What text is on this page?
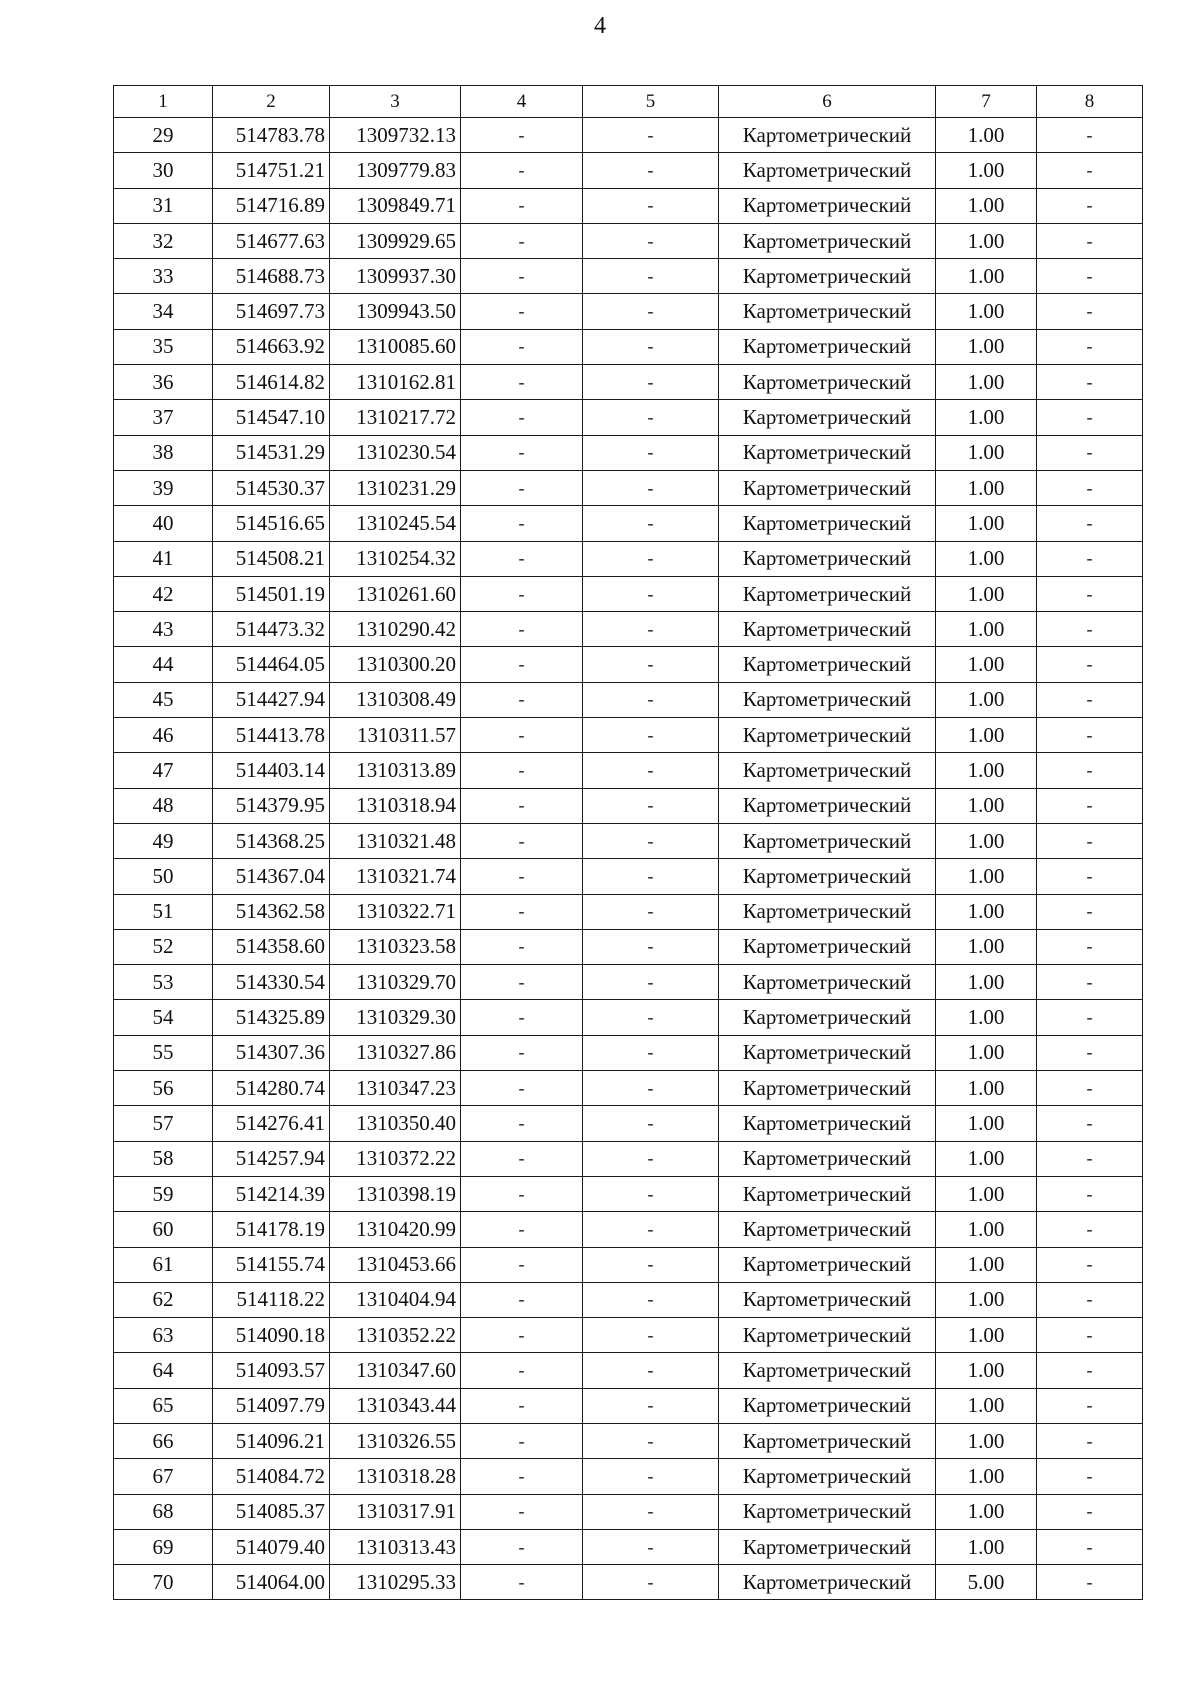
4
1	2	3	4	5	6	7	8
29	514783.78	1309732.13	-	-	Картометрический	1.00	-
30	514751.21	1309779.83	-	-	Картометрический	1.00	-
31	514716.89	1309849.71	-	-	Картометрический	1.00	-
32	514677.63	1309929.65	-	-	Картометрический	1.00	-
33	514688.73	1309937.30	-	-	Картометрический	1.00	-
34	514697.73	1309943.50	-	-	Картометрический	1.00	-
35	514663.92	1310085.60	-	-	Картометрический	1.00	-
36	514614.82	1310162.81	-	-	Картометрический	1.00	-
37	514547.10	1310217.72	-	-	Картометрический	1.00	-
38	514531.29	1310230.54	-	-	Картометрический	1.00	-
39	514530.37	1310231.29	-	-	Картометрический	1.00	-
40	514516.65	1310245.54	-	-	Картометрический	1.00	-
41	514508.21	1310254.32	-	-	Картометрический	1.00	-
42	514501.19	1310261.60	-	-	Картометрический	1.00	-
43	514473.32	1310290.42	-	-	Картометрический	1.00	-
44	514464.05	1310300.20	-	-	Картометрический	1.00	-
45	514427.94	1310308.49	-	-	Картометрический	1.00	-
46	514413.78	1310311.57	-	-	Картометрический	1.00	-
47	514403.14	1310313.89	-	-	Картометрический	1.00	-
48	514379.95	1310318.94	-	-	Картометрический	1.00	-
49	514368.25	1310321.48	-	-	Картометрический	1.00	-
50	514367.04	1310321.74	-	-	Картометрический	1.00	-
51	514362.58	1310322.71	-	-	Картометрический	1.00	-
52	514358.60	1310323.58	-	-	Картометрический	1.00	-
53	514330.54	1310329.70	-	-	Картометрический	1.00	-
54	514325.89	1310329.30	-	-	Картометрический	1.00	-
55	514307.36	1310327.86	-	-	Картометрический	1.00	-
56	514280.74	1310347.23	-	-	Картометрический	1.00	-
57	514276.41	1310350.40	-	-	Картометрический	1.00	-
58	514257.94	1310372.22	-	-	Картометрический	1.00	-
59	514214.39	1310398.19	-	-	Картометрический	1.00	-
60	514178.19	1310420.99	-	-	Картометрический	1.00	-
61	514155.74	1310453.66	-	-	Картометрический	1.00	-
62	514118.22	1310404.94	-	-	Картометрический	1.00	-
63	514090.18	1310352.22	-	-	Картометрический	1.00	-
64	514093.57	1310347.60	-	-	Картометрический	1.00	-
65	514097.79	1310343.44	-	-	Картометрический	1.00	-
66	514096.21	1310326.55	-	-	Картометрический	1.00	-
67	514084.72	1310318.28	-	-	Картометрический	1.00	-
68	514085.37	1310317.91	-	-	Картометрический	1.00	-
69	514079.40	1310313.43	-	-	Картометрический	1.00	-
70	514064.00	1310295.33	-	-	Картометрический	5.00	-
